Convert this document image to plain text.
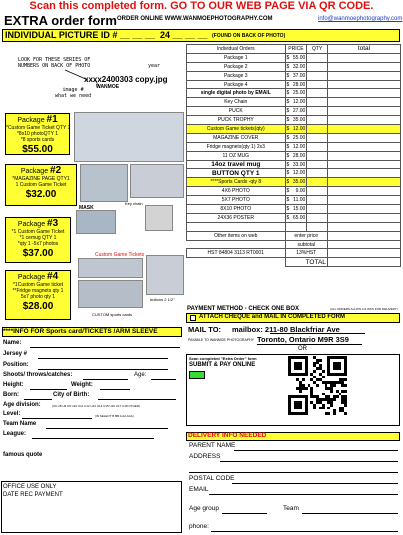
Scan this completed form. GO TO OUR WEB PAGE VIA QR CODE.
EXTRA order form ORDER ONLINE WWW.WANMOEPHOTOGRAPHY.COM	info@wanmoephotography.com
INDIVIDUAL PICTURE ID # __ __ __ 24 __ __ __ (FOUND ON BACK OF PHOTO)
LOOK FOR THESE SERIES OF
NUMBERS ON BACK OF PHOTO	year
xxxx2400303 copy.jpg
WANMOE
image #
what we need
Package #1
*Custom Game Ticket QTY 1
*8x10 photoQTY 1
*8 sports cards
$55.00
Package #2
*MAGAZINE PAGE QTY1
1 Custom Game Ticket
$32.00
Package #3
*1 Custom Game Ticket
*1 cemug QTY 1
*qty 1 -5x7 photos
$37.00
Package #4
*1Custom Game ticket
**Fridge magnets qty 1
5x7 photo qty 1
$28.00
Key chain
MASK
Custom Game Tickets
buttons 2 1/2"
CUSTOM sports cards
Individual Orders	PRICE	QTY	total
Package 1	$ 55.00		

Package 2	$ 32.00		

Package 3	$ 37.00		

Package 4	$ 28.00		

single digital photo by EMAIL	$ 25.00		

Key Chain	$ 12.00		

PUCK	$ 27.00		

PUCK TROPHY	$ 35.00		

Custom Game tickets(qty)	$ 12.00		

MAGAZINE COVER	$ 25.00		

Fridge magnets(qty 1) 2x3	$ 12.00		

11 OZ MUG	$ 28.00		

14oz travel mug	$ 33.00		

BUTTON QTY 1	$ 12.00		

****Sports Cards -qty 8	$ 35.00		

4X6 PHOTO	$ 9.00		

5X7 PHOTO	$ 11.00		

8X10 PHOTO	$ 15.00		

24X36 POSTER	$ 65.00		

Other items on web	enter price		
	subtotal		
HST 84804 3113 RT0001	13%HST		
	TOTAL		
PAYMENT METHOD - CHECK ONE BOX	(ALL ORDERS ALLOW 4-6 WKS FOR DELIVERY)
ATTACH CHEQUE and MAIL IN COMPLETED FORM
MAIL TO: mailbox: 211-80 Blackfriar Ave
PAYABLE TO WANMOE PHOTOGRAPHY Toronto, Ontario M9R 3S9
OR
Scan completed "Extra Order" form
SUBMIT & PAY ONLINE
****INFO FOR Sports card/TICKETS /ARM SLEEVE
Name:
Jersey #
Position:
Shoots/ throws/catches:	Age:
Height:	Weight:
Born:	City of Birth:
Age division:	(U6 U8 U9 U9 U10 U11 U12 U13 U14 U15 U16 U17 U18 OTHER)
Level:	(IN SELECT B BB A AA AAA)
Team Name
League:
famous quote
OFFICE USE ONLY
DATE REC PAYMENT
DELIVERY INFO NEEDED
PARENT NAME
ADDRESS
POSTAL CODE
EMAIL
Age group	Team
phone:
